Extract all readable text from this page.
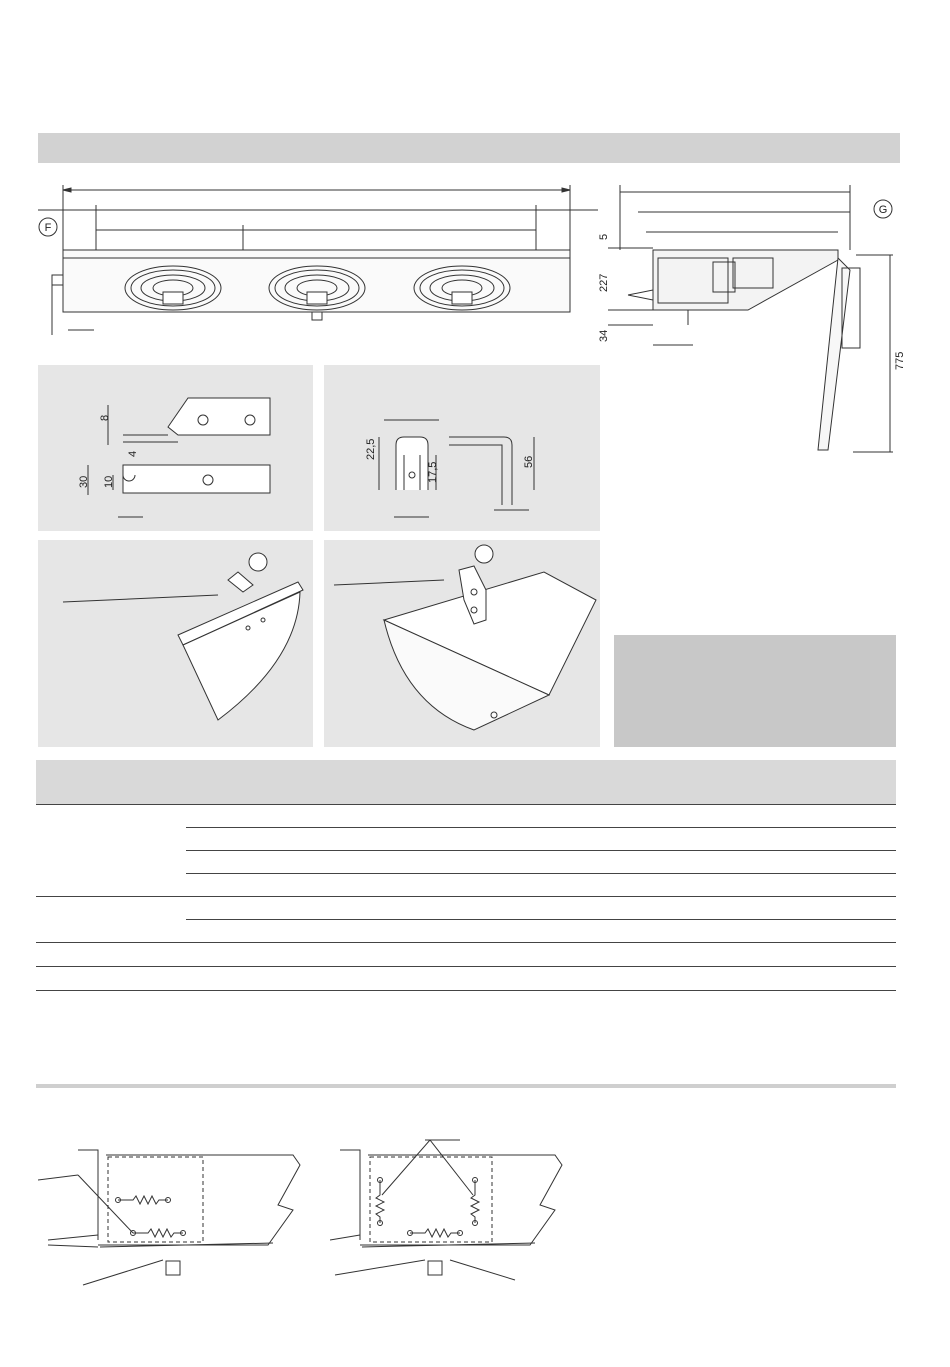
F
5
227
34
775
G
8
4
30 10
22,5
17,5	56
